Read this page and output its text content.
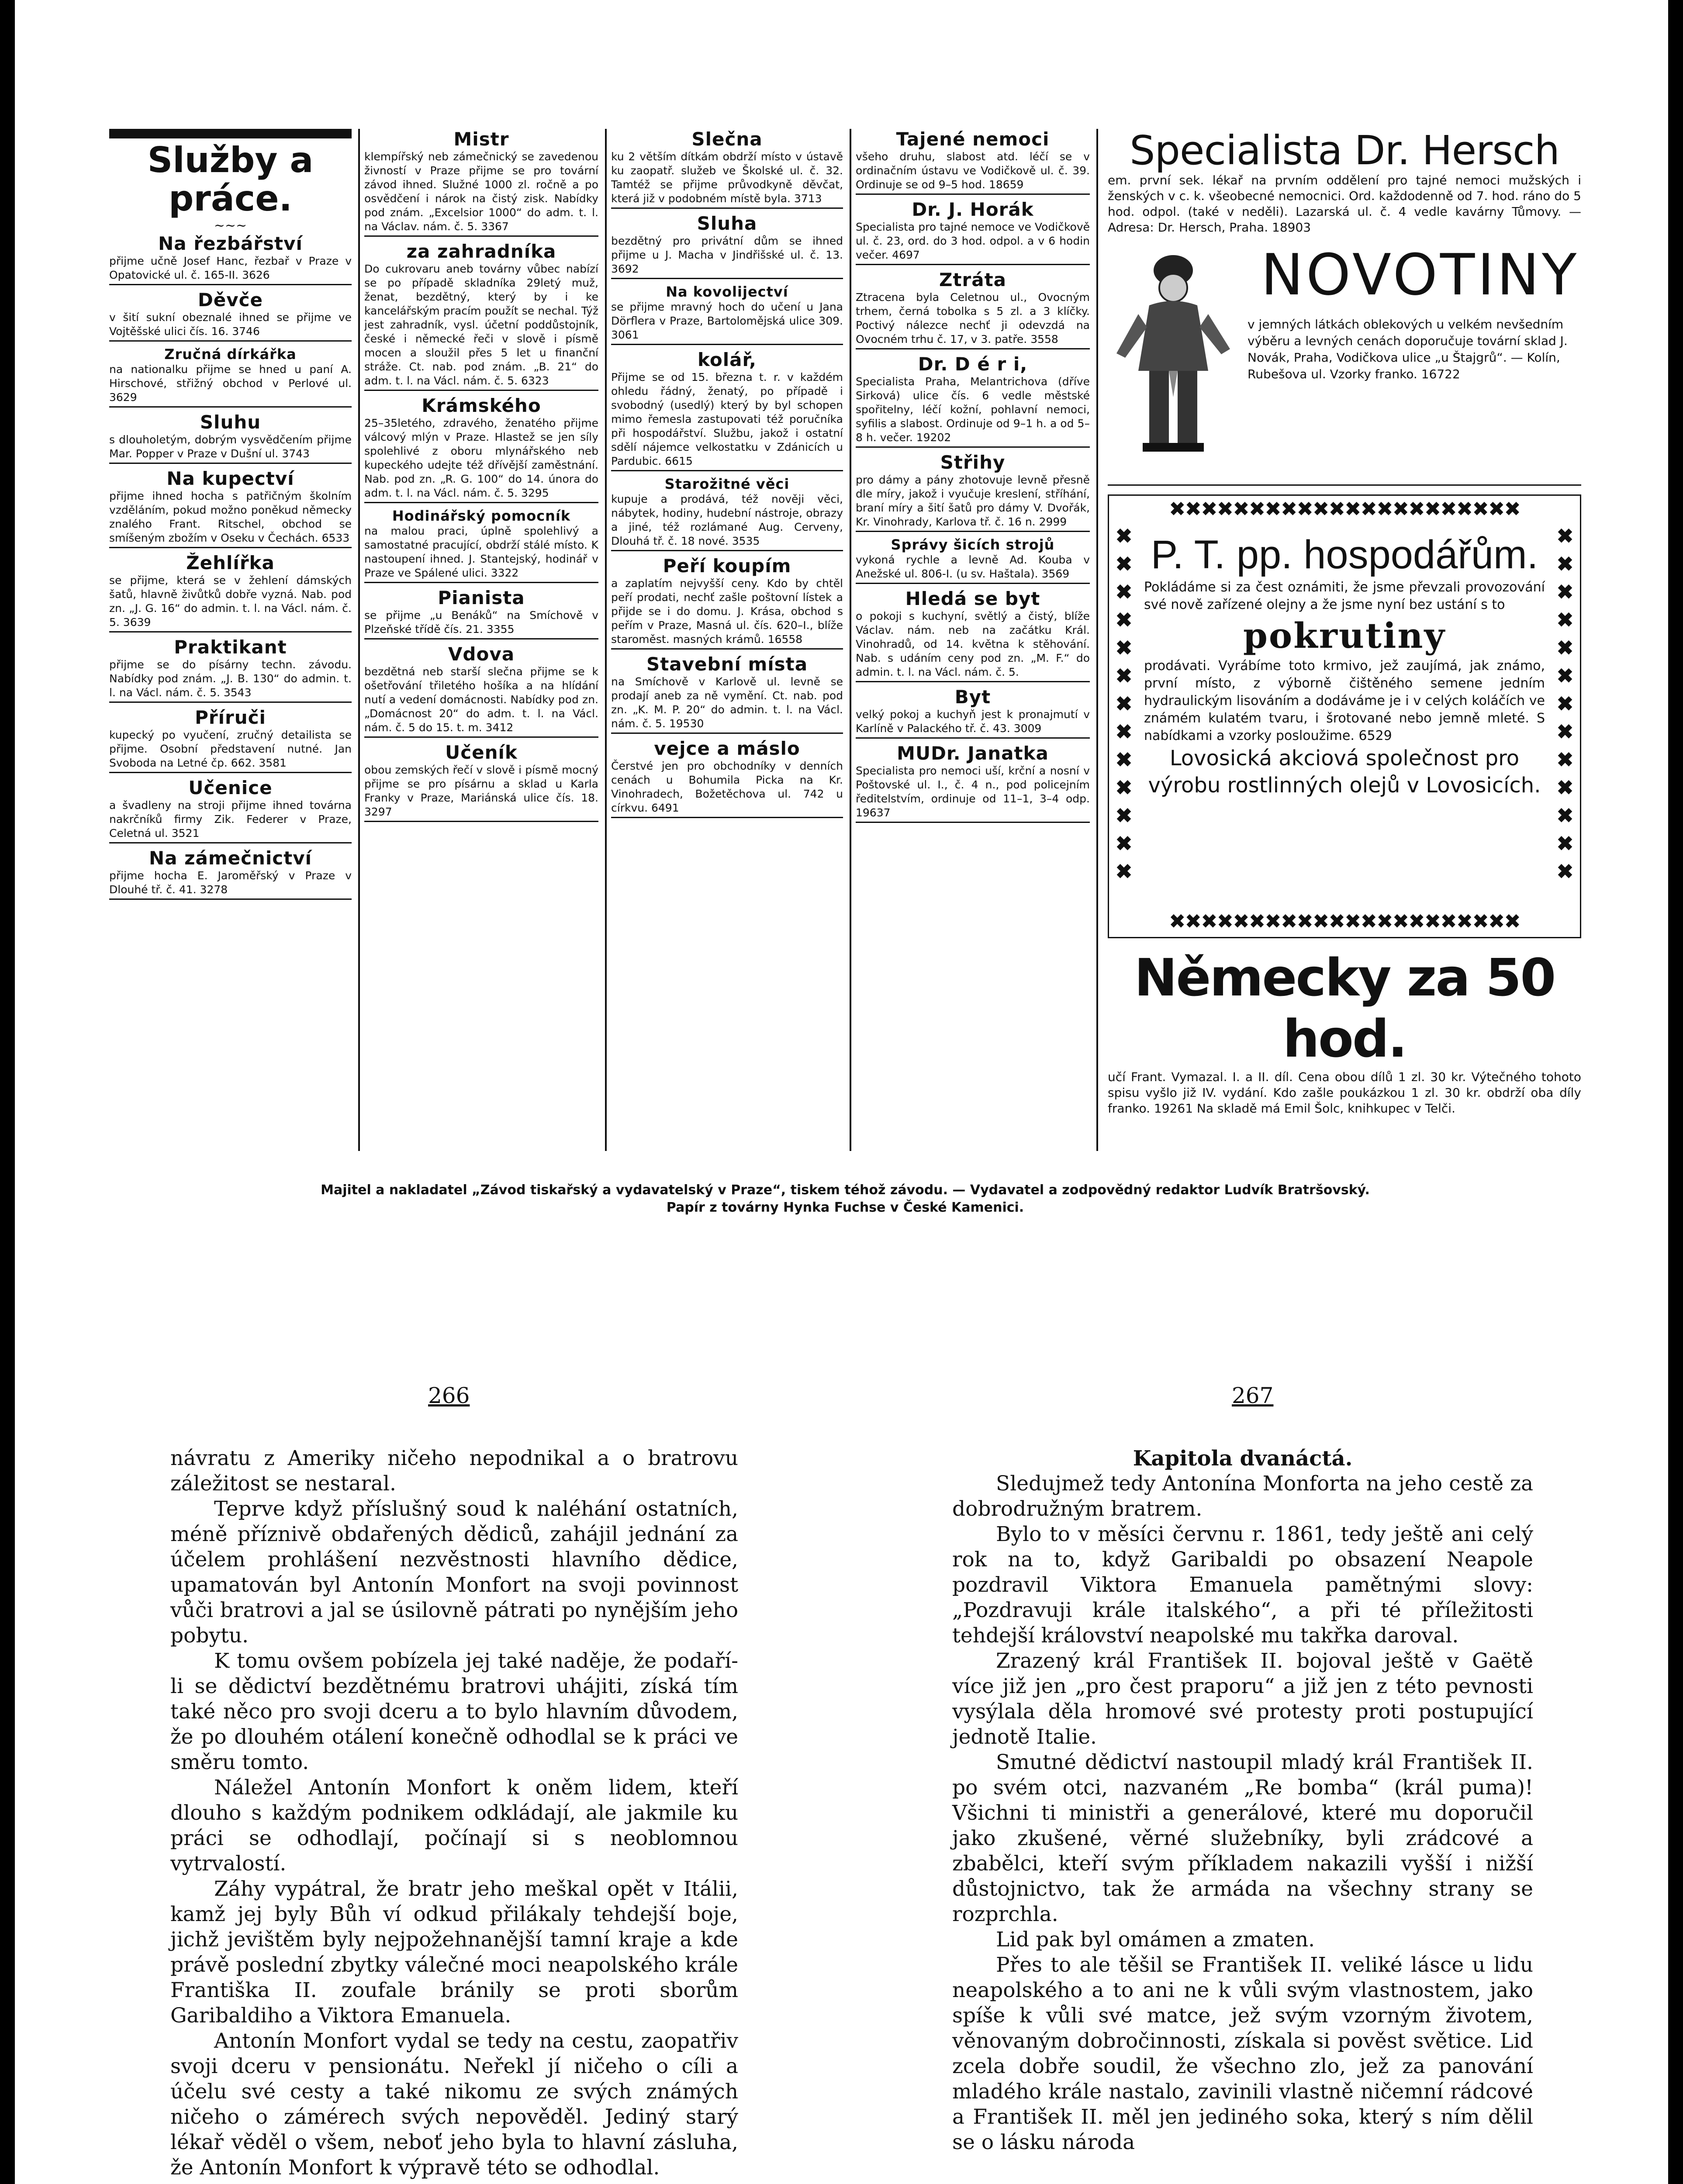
Služby a práce.
~~~
Na řezbářství
přijme učně Josef Hanc, řezbař v Praze v Opatovické ul. č. 165-II. 3626
Děvče
v šití sukní obeznalé ihned se přijme ve Vojtěšské ulici čís. 16. 3746
Zručná dírkářka
na nationalku přijme se hned u paní A. Hirschové, střižný obchod v Perlové ul. 3629
Sluhu
s dlouholetým, dobrým vysvědčením přijme Mar. Popper v Praze v Dušní ul. 3743
Na kupectví
přijme ihned hocha s patřičným školním vzděláním, pokud možno poněkud německy znalého Frant. Ritschel, obchod se smíšeným zbožím v Oseku v Čechách. 6533
Žehlířka
se přijme, která se v žehlení dámských šatů, hlavně živůtků dobře vyzná. Nab. pod zn. „J. G. 16“ do admin. t. l. na Václ. nám. č. 5. 3639
Praktikant
přijme se do písárny techn. závodu. Nabídky pod znám. „J. B. 130“ do admin. t. l. na Václ. nám. č. 5. 3543
Příruči
kupecký po vyučení, zručný detailista se přijme. Osobní představení nutné. Jan Svoboda na Letné čp. 662. 3581
Učenice
a švadleny na stroji přijme ihned továrna nakrčníků firmy Zik. Federer v Praze, Celetná ul. 3521
Na zámečnictví
přijme hocha E. Jaroměřský v Praze v Dlouhé tř. č. 41. 3278
Mistr
klempířský neb zámečnický se zavedenou živností v Praze přijme se pro tovární závod ihned. Služné 1000 zl. ročně a po osvědčení i nárok na čistý zisk. Nabídky pod znám. „Excelsior 1000“ do adm. t. l. na Václav. nám. č. 5. 3367
za zahradníka
Do cukrovaru aneb továrny vůbec nabízí se po případě skladníka 29letý muž, ženat, bezdětný, který by i ke kancelářským pracím použít se nechal. Týž jest zahradník, vysl. účetní poddůstojník, české i německé řeči v slově i písmě mocen a sloužil přes 5 let u finanční stráže. Ct. nab. pod znám. „B. 21“ do adm. t. l. na Václ. nám. č. 5. 6323
Krámského
25–35letého, zdravého, ženatého přijme válcový mlýn v Praze. Hlastež se jen síly spolehlivé z oboru mlynářského neb kupeckého udejte též dřívější zaměstnání. Nab. pod zn. „R. G. 100“ do 14. února do adm. t. l. na Václ. nám. č. 5. 3295
Hodinářský pomocník
na malou praci, úplně spolehlivý a samostatné pracující, obdrží stálé místo. K nastoupení ihned. J. Stantejský, hodinář v Praze ve Spálené ulici. 3322
Pianista
se přijme „u Benáků“ na Smíchově v Plzeňské třídě čís. 21. 3355
Vdova
bezdětná neb starší slečna přijme se k ošetřování třiletého hošíka a na hlídání nutí a vedení domácnosti. Nabídky pod zn. „Domácnost 20“ do adm. t. l. na Václ. nám. č. 5 do 15. t. m. 3412
Učeník
obou zemských řečí v slově i písmě mocný přijme se pro písárnu a sklad u Karla Franky v Praze, Mariánská ulice čís. 18. 3297
Slečna
ku 2 větším dítkám obdrží místo v ústavě ku zaopatř. služeb ve Školské ul. č. 32. Tamtéž se přijme průvodkyně děvčat, která již v podobném místě byla. 3713
Sluha
bezdětný pro privátní dům se ihned přijme u J. Macha v Jindřišské ul. č. 13. 3692
Na kovolijectví
se přijme mravný hoch do učení u Jana Dörflera v Praze, Bartolomějská ulice 309. 3061
kolář,
Přijme se od 15. března t. r. v každém ohledu řádný, ženatý, po případě i svobodný (usedlý) který by byl schopen mimo řemesla zastupovati též poručníka při hospodářství. Službu, jakož i ostatní sdělí nájemce velkostatku v Zdánicích u Pardubic. 6615
Starožitné věci
kupuje a prodává, též nověji věci, nábytek, hodiny, hudební nástroje, obrazy a jiné, též rozlámané Aug. Cerveny, Dlouhá tř. č. 18 nové. 3535
Peří koupím
a zaplatím nejvyšší ceny. Kdo by chtěl peří prodati, nechť zašle poštovní lístek a přijde se i do domu. J. Krása, obchod s peřím v Praze, Masná ul. čís. 620–I., blíže staroměst. masných krámů. 16558
Stavební místa
na Smíchově v Karlově ul. levně se prodají aneb za ně vymění. Ct. nab. pod zn. „K. M. P. 20“ do admin. t. l. na Václ. nám. č. 5. 19530
vejce a máslo
Čerstvé jen pro obchodníky v denních cenách u Bohumila Picka na Kr. Vinohradech, Božetěchova ul. 742 u církvu. 6491
Tajené nemoci
všeho druhu, slabost atd. léčí se v ordinačním ústavu ve Vodičkově ul. č. 39. Ordinuje se od 9–5 hod. 18659
Dr. J. Horák
Specialista pro tajné nemoce ve Vodičkově ul. č. 23, ord. do 3 hod. odpol. a v 6 hodin večer. 4697
Ztráta
Ztracena byla Celetnou ul., Ovocným trhem, černá tobolka s 5 zl. a 3 klíčky. Poctivý nálezce nechť ji odevzdá na Ovocném trhu č. 17, v 3. patře. 3558
Dr. D é r i,
Specialista Praha, Melantrichova (dříve Sirková) ulice čís. 6 vedle městské spořitelny, léčí kožní, pohlavní nemoci, syfilis a slabost. Ordinuje od 9–1 h. a od 5–8 h. večer. 19202
Střihy
pro dámy a pány zhotovuje levně přesně dle míry, jakož i vyučuje kreslení, stříhání, braní míry a šití šatů pro dámy V. Dvořák, Kr. Vinohrady, Karlova tř. č. 16 n. 2999
Správy šicích strojů
vykoná rychle a levně Ad. Kouba v Anežské ul. 806-I. (u sv. Haštala). 3569
Hledá se byt
o pokoji s kuchyní, světlý a čistý, blíže Václav. nám. neb na začátku Král. Vinohradů, od 14. května k stěhování. Nab. s udáním ceny pod zn. „M. F.“ do admin. t. l. na Václ. nám. č. 5.
Byt
velký pokoj a kuchyň jest k pronajmutí v Karlíně v Palackého tř. č. 43. 3009
MUDr. Janatka
Specialista pro nemoci uší, krční a nosní v Poštovské ul. I., č. 4 n., pod policejním ředitelstvím, ordinuje od 11–1, 3–4 odp. 19637
Specialista Dr. Hersch
em. první sek. lékař na prvním oddělení pro tajné nemoci mužských i ženských v c. k. všeobecné nemocnici. Ord. každodenně od 7. hod. ráno do 5 hod. odpol. (také v neděli). Lazarská ul. č. 4 vedle kavárny Tůmovy. — Adresa: Dr. Hersch, Praha. 18903
NOVOTINY
v jemných látkách oblekových u velkém nevšedním výběru a levných cenách doporučuje tovární sklad J. Novák, Praha, Vodičkova ulice „u Štajgrů“. — Kolín, Rubešova ul. Vzorky franko. 16722
✖✖✖✖✖✖✖✖✖✖✖✖✖✖✖✖✖✖✖✖✖✖
✖
✖
✖
✖
✖
✖
✖
✖
✖
✖
✖
✖
✖
✖
✖
✖
✖
✖
✖
✖
✖
✖
✖
✖
✖
✖
P. T. pp. hospodářům.
Pokládáme si za čest oznámiti, že jsme převzali provozování své nově zařízené olejny a že jsme nyní bez ustání s to
pokrutiny
prodávati. Vyrábíme toto krmivo, jež zaujímá, jak známo, první místo, z výborně čištěného semene jedním hydraulickým lisováním a dodáváme je i v celých koláčích ve známém kulatém tvaru, i šrotované nebo jemně mleté. S nabídkami a vzorky posloužime. 6529
Lovosická akciová společnost pro výrobu rostlinných olejů v Lovosicích.
✖✖✖✖✖✖✖✖✖✖✖✖✖✖✖✖✖✖✖✖✖✖
Německy za 50 hod.
učí Frant. Vymazal. I. a II. díl. Cena obou dílů 1 zl. 30 kr. Výtečného tohoto spisu vyšlo již IV. vydání. Kdo zašle poukázkou 1 zl. 30 kr. obdrží oba díly franko. 19261 Na skladě má Emil Šolc, knihkupec v Telči.
Majitel a nakladatel „Závod tiskařský a vydavatelský v Praze“, tiskem téhož závodu. — Vydavatel a zodpovědný redaktor Ludvík Bratršovský.
Papír z továrny Hynka Fuchse v České Kamenici.
266	267

návratu z Ameriky ničeho nepodnikal a o bratrovu záležitost se nestaral.

Teprve když příslušný soud k naléhání ostatních, méně příznivě obdařených dědiců, zahájil jednání za účelem prohlášení nezvěstnosti hlavního dědice, upamatován byl Antonín Monfort na svoji povinnost vůči bratrovi a jal se úsilovně pátrati po nynějším jeho pobytu.

K tomu ovšem pobízela jej také naděje, že podaří-li se dědictví bezdětnému bratrovi uhájiti, získá tím také něco pro svoji dceru a to bylo hlavním důvodem, že po dlouhém otálení konečně odhodlal se k práci ve směru tomto.

Náležel Antonín Monfort k oněm lidem, kteří dlouho s každým podnikem odkládají, ale jakmile ku práci se odhodlají, počínají si s neoblomnou vytrvalostí.

Záhy vypátral, že bratr jeho meškal opět v Itálii, kamž jej byly Bůh ví odkud přilákaly tehdejší boje, jichž jevištěm byly nejpožehnanější tamní kraje a kde právě poslední zbytky válečné moci neapolského krále Františka II. zoufale bránily se proti sborům Garibaldiho a Viktora Emanuela.

Antonín Monfort vydal se tedy na cestu, zaopatřiv svoji dceru v pensionátu. Neřekl jí ničeho o cíli a účelu své cesty a také nikomu ze svých známých ničeho o zámérech svých nepověděl. Jediný starý lékař věděl o všem, neboť jeho byla to hlavní zásluha, že Antonín Monfort k výpravě této se odhodlal.

Kapitola dvanáctá.

Sledujmež tedy Antonína Monforta na jeho cestě za dobrodružným bratrem.

Bylo to v měsíci červnu r. 1861, tedy ještě ani celý rok na to, když Garibaldi po obsazení Neapole pozdravil Viktora Emanuela pamětnými slovy: „Pozdravuji krále italského“, a při té příležitosti tehdejší království neapolské mu takřka daroval.

Zrazený král František II. bojoval ještě v Gaëtě více již jen „pro čest praporu“ a již jen z této pevnosti vysýlala děla hromové své protesty proti postupující jednotě Italie.

Smutné dědictví nastoupil mladý král František II. po svém otci, nazvaném „Re bomba“ (král puma)! Všichni ti ministři a generálové, které mu doporučil jako zkušené, věrné služebníky, byli zrádcové a zbabělci, kteří svým příkladem nakazili vyšší i nižší důstojnictvo, tak že armáda na všechny strany se rozprchla.

Lid pak byl omámen a zmaten.

Přes to ale těšil se František II. veliké lásce u lidu neapolského a to ani ne k vůli svým vlastnostem, jako spíše k vůli své matce, jež svým vzorným životem, věnovaným dobročinnosti, získala si pověst světice. Lid zcela dobře soudil, že všechno zlo, jež za panování mladého krále nastalo, zavinili vlastně ničemní rádcové a František II. měl jen jediného soka, který s ním dělil se o lásku národa
